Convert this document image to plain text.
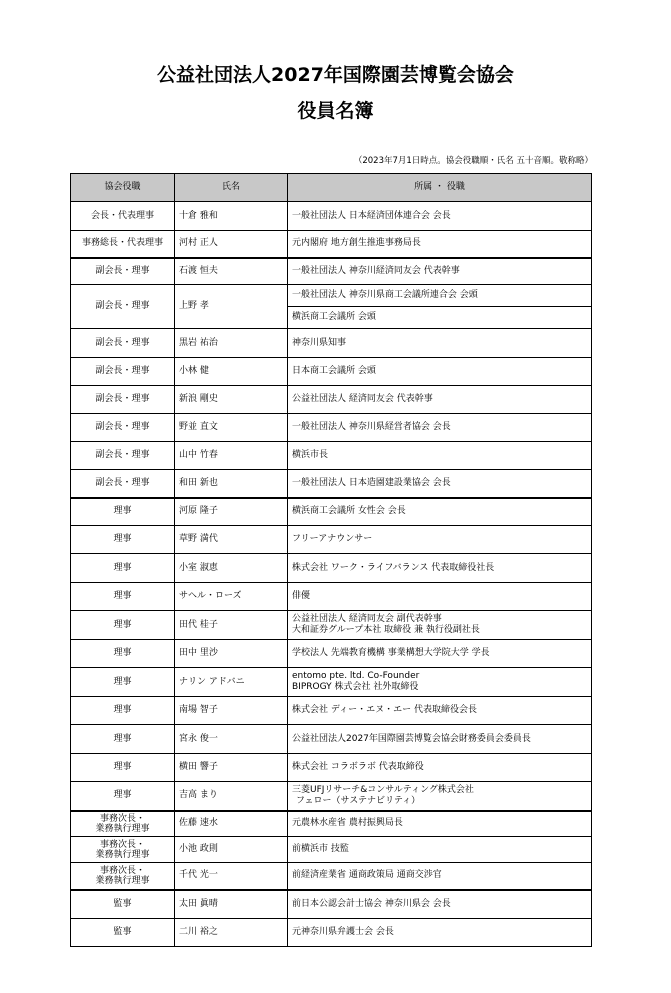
公益社団法人2027年国際園芸博覧会協会
役員名簿
（2023年7月1日時点。協会役職順・氏名 五十音順。敬称略）
協会役職	氏名	所属 ・ 役職
会長・代表理事	十倉 雅和	一般社団法人 日本経済団体連合会 会長
事務総長・代表理事	河村 正人	元内閣府 地方創生推進事務局長
副会長・理事	石渡 恒夫	一般社団法人 神奈川経済同友会 代表幹事
副会長・理事	上野 孝	一般社団法人 神奈川県商工会議所連合会 会頭
		横浜商工会議所 会頭
副会長・理事	黒岩 祐治	神奈川県知事
副会長・理事	小林 健	日本商工会議所 会頭
副会長・理事	新浪 剛史	公益社団法人 経済同友会 代表幹事
副会長・理事	野並 直文	一般社団法人 神奈川県経営者協会 会長
副会長・理事	山中 竹春	横浜市長
副会長・理事	和田 新也	一般社団法人 日本造園建設業協会 会長
理事	河原 隆子	横浜商工会議所 女性会 会長
理事	草野 満代	フリーアナウンサー
理事	小室 淑恵	株式会社 ワーク・ライフバランス 代表取締役社長
理事	サヘル・ローズ	俳優
理事	田代 桂子	公益社団法人 経済同友会 副代表幹事
大和証券グループ本社 取締役 兼 執行役副社長

理事	田中 里沙	学校法人 先端教育機構 事業構想大学院大学 学長
理事	ナリン アドバニ	entomo pte. ltd. Co-Founder
BIPROGY 株式会社 社外取締役

理事	南場 智子	株式会社 ディー・エヌ・エー 代表取締役会長
理事	宮永 俊一	公益社団法人2027年国際園芸博覧会協会財務委員会委員長
理事	横田 響子	株式会社 コラボラボ 代表取締役
理事	吉高 まり	三菱UFJリサーチ&コンサルティング株式会社
フェロー（サステナビリティ）

事務次長・
業務執行理事	佐藤 速水	元農林水産省 農村振興局長

事務次長・
業務執行理事	小池 政則	前横浜市 技監

事務次長・
業務執行理事	千代 光一	前経済産業省 通商政策局 通商交渉官
監事	太田 眞晴	前日本公認会計士協会 神奈川県会 会長
監事	二川 裕之	元神奈川県弁護士会 会長
